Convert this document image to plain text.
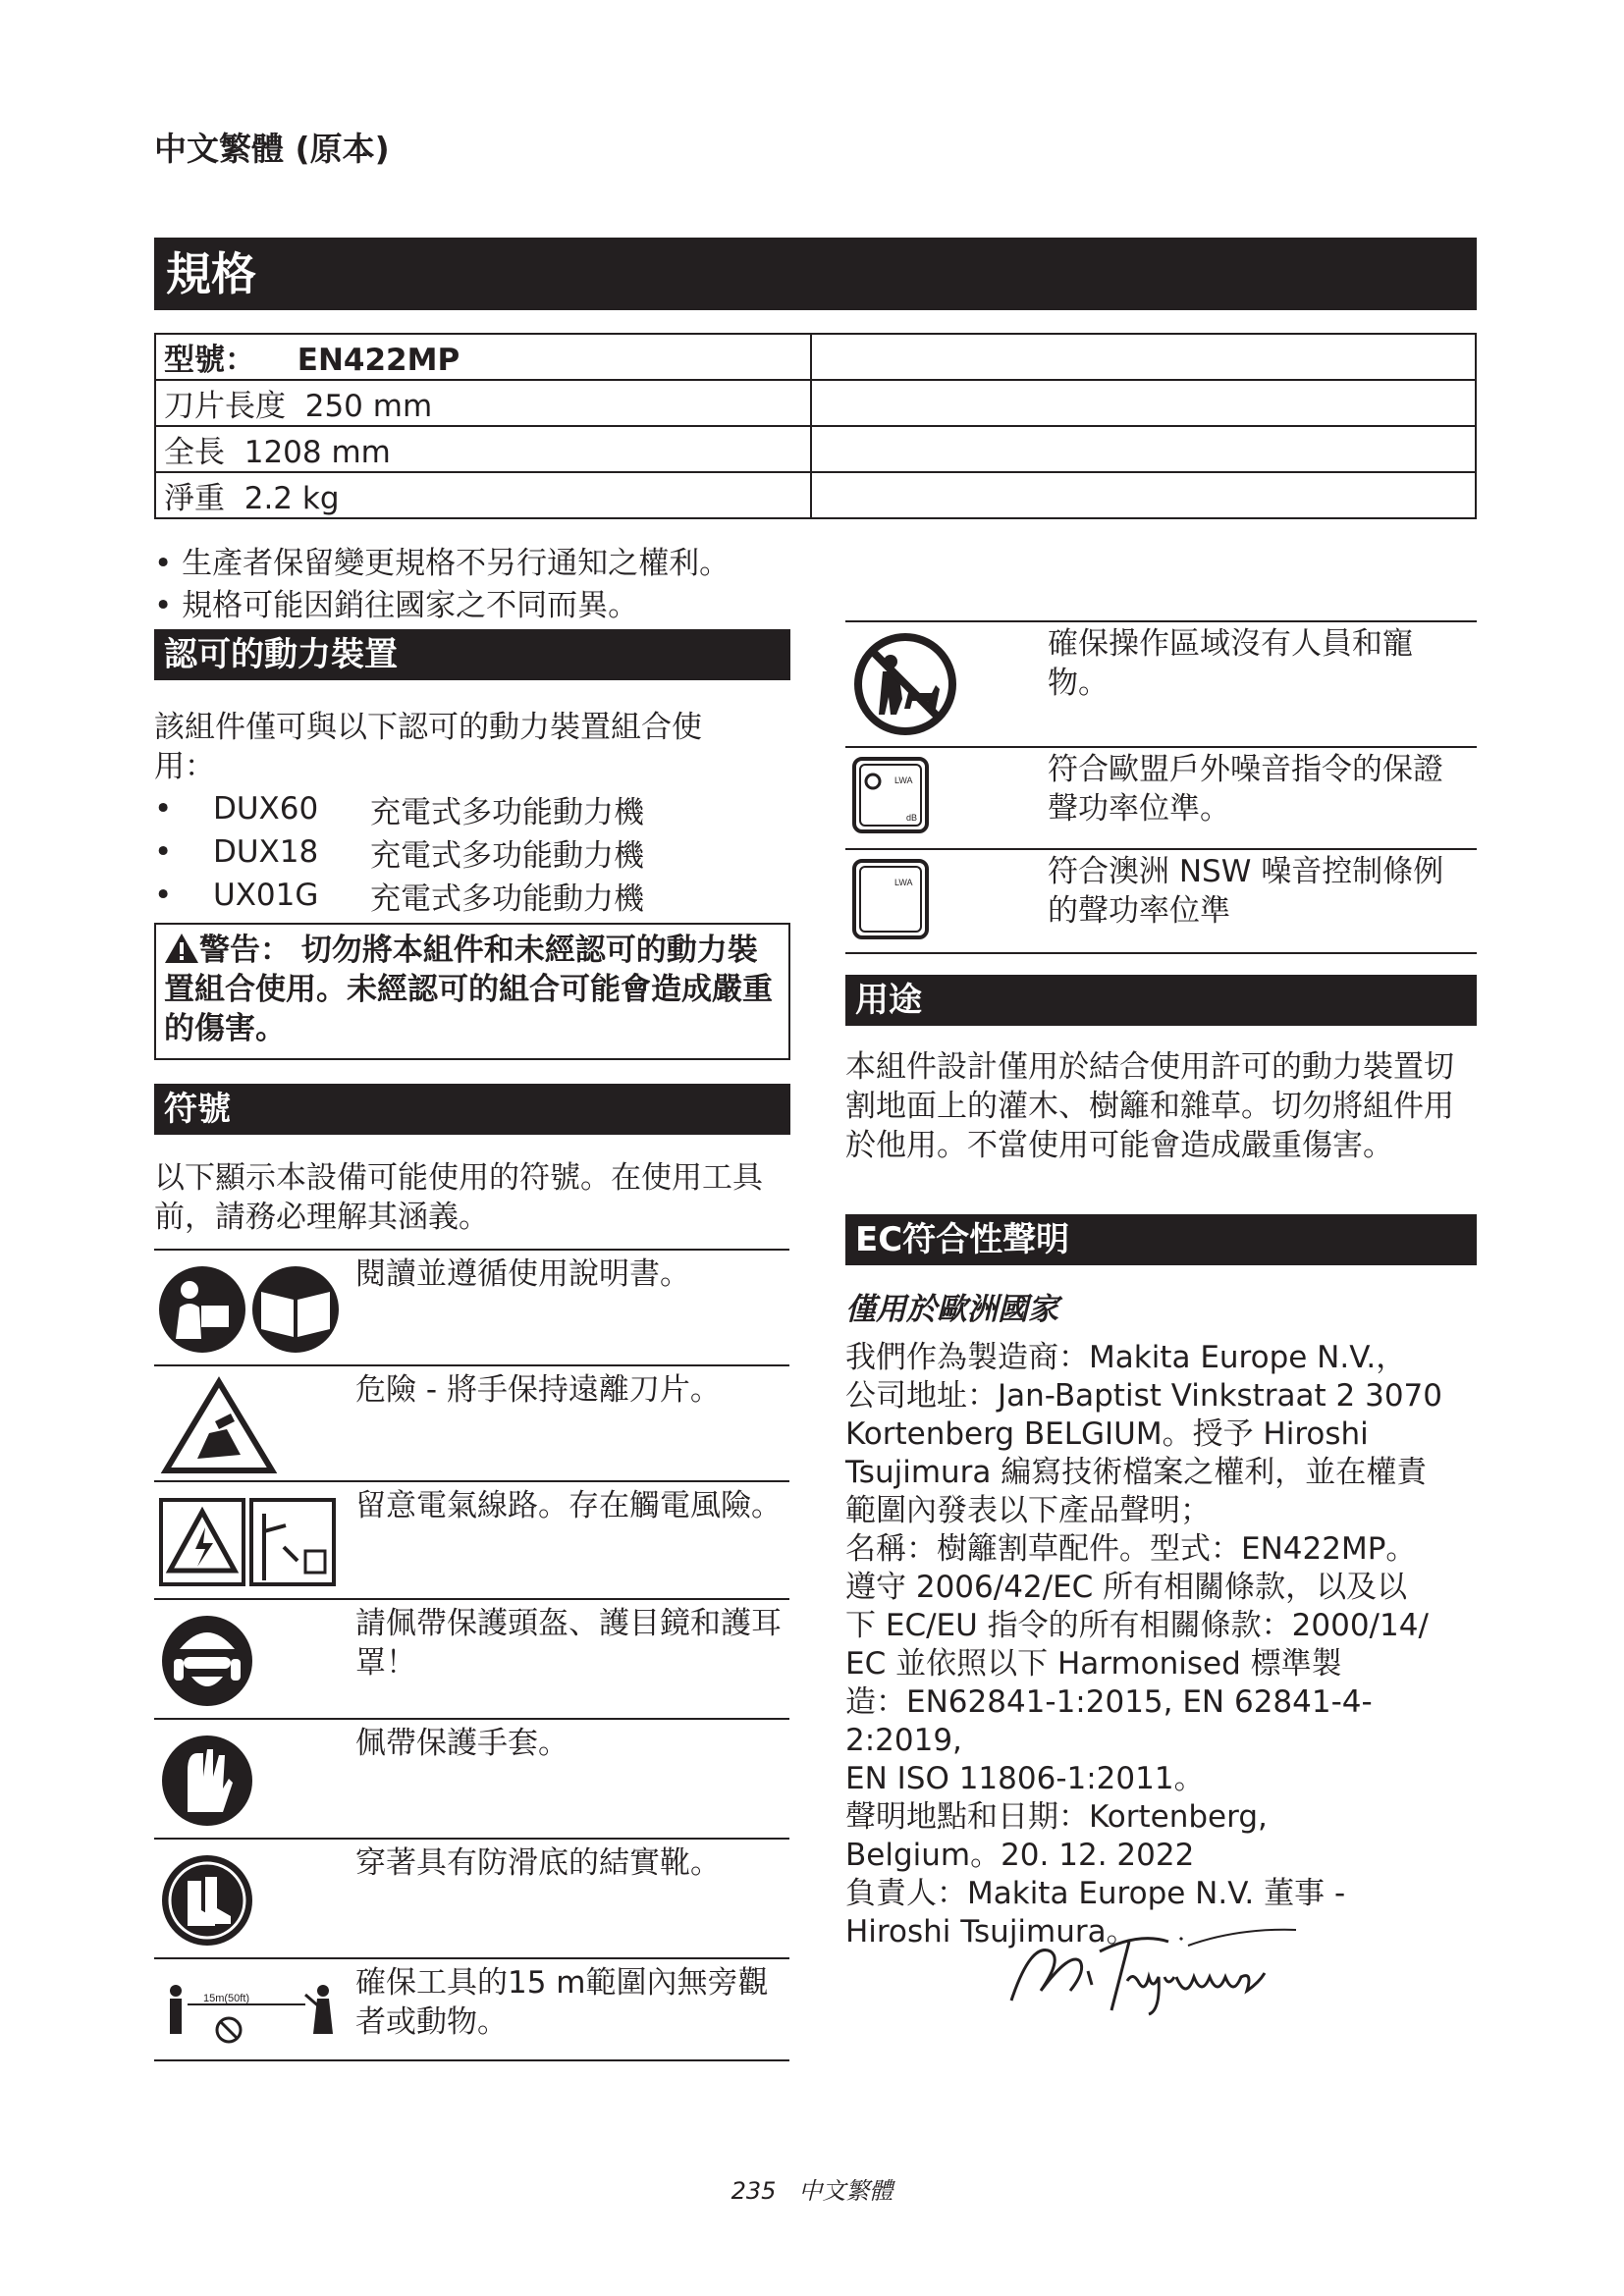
中文繁體 (原本)
規格
型號： EN422MP	
刀片長度 250 mm	
全長 1208 mm	
淨重 2.2 kg	
• 生產者保留變更規格不另行通知之權利。
• 規格可能因銷往國家之不同而異。
認可的動力裝置
該組件僅可與以下認可的動力裝置組合使用：
•	DUX60	充電式多功能動力機
•	DUX18	充電式多功能動力機
•	UX01G	充電式多功能動力機
警告： 切勿將本組件和未經認可的動力裝置組合使用。未經認可的組合可能會造成嚴重的傷害。
符號
以下顯示本設備可能使用的符號。在使用工具前，請務必理解其涵義。
閱讀並遵循使用說明書。
危險 - 將手保持遠離刀片。
留意電氣線路。存在觸電風險。
請佩帶保護頭盔、護目鏡和護耳罩！
佩帶保護手套。
穿著具有防滑底的結實靴。
15m(50ft)	確保工具的15 m範圍內無旁觀者或動物。
確保操作區域沒有人員和寵物。
LWA
dB
符合歐盟戶外噪音指令的保證聲功率位準。
LWA	符合澳洲 NSW 噪音控制條例的聲功率位準
用途
本組件設計僅用於結合使用許可的動力裝置切割地面上的灌木、樹籬和雜草。切勿將組件用於他用。不當使用可能會造成嚴重傷害。
EC符合性聲明
僅用於歐洲國家
我們作為製造商：Makita Europe N.V.，
公司地址：Jan-Baptist Vinkstraat 2 3070
Kortenberg BELGIUM。授予 Hiroshi
Tsujimura 編寫技術檔案之權利，並在權責
範圍內發表以下產品聲明；
名稱：樹籬割草配件。型式：EN422MP。
遵守 2006/42/EC 所有相關條款，以及以
下 EC/EU 指令的所有相關條款：2000/14/
EC 並依照以下 Harmonised 標準製
造：EN62841-1:2015, EN 62841-4-2:2019,
EN ISO 11806-1:2011。
聲明地點和日期：Kortenberg,
Belgium。20. 12. 2022
負責人：Makita Europe N.V. 董事 -
Hiroshi Tsujimura。
235 中文繁體
